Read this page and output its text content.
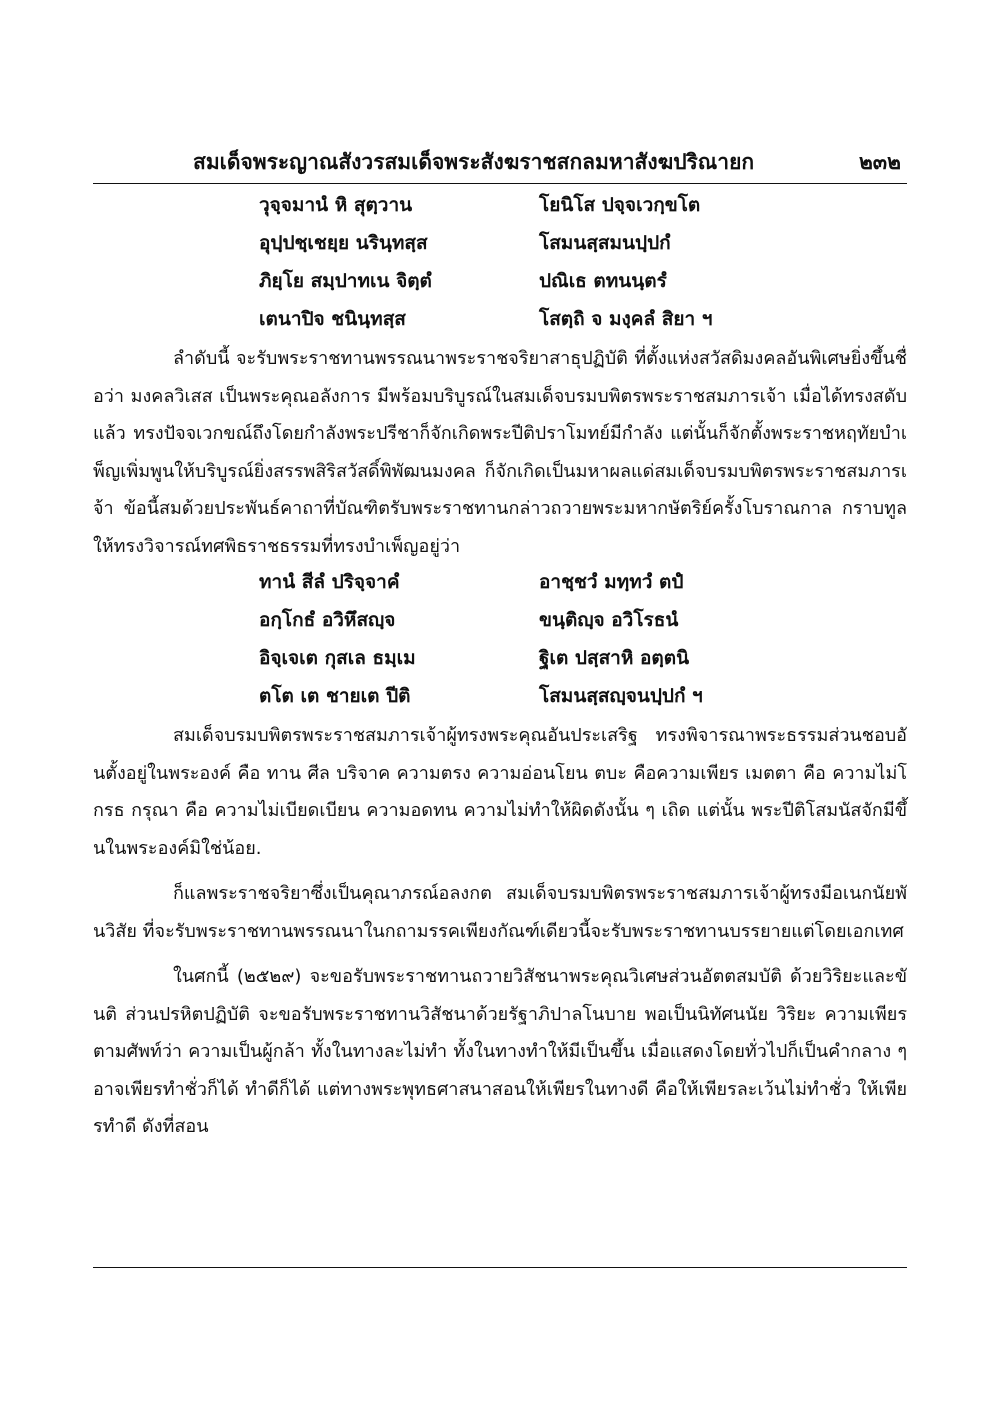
สมเด็จพระญาณสังวรสมเด็จพระสังฆราชสกลมหาสังฆปริณายก	๒๓๒
วุจฺจมานํ หิ สุตฺวาน	โยนิโส ปจฺจเวกฺขโต
อุปฺปชฺเชยฺย นรินฺทสฺส	โสมนสฺสมนปฺปกํ
ภิยฺโย สมฺปาทเน จิตฺตํ	ปณิเธ ตทนนฺตรํ
เตนาปิจ ชนินฺทสฺส	โสตฺถิ จ มงฺคลํ สิยา ฯ

ลำดับนี้ จะรับพระราชทานพรรณนาพระราชจริยาสาธุปฏิบัติ ที่ตั้งแห่งสวัสดิมงคลอันพิเศษยิ่งขึ้นชื่อว่า มงคลวิเสส เป็นพระคุณอลังการ มีพร้อมบริบูรณ์ในสมเด็จบรมบพิตรพระราชสมภารเจ้า เมื่อได้ทรงสดับแล้ว ทรงปัจจเวกขณ์ถึงโดยกำลังพระปรีชาก็จักเกิดพระปีติปราโมทย์มีกำลัง แต่นั้นก็จักตั้งพระราชหฤทัยบำเพ็ญเพิ่มพูนให้บริบูรณ์ยิ่งสรรพสิริสวัสดิ์พิพัฒนมงคล ก็จักเกิดเป็นมหาผลแด่สมเด็จบรมบพิตรพระราชสมภารเจ้า ข้อนี้สมด้วยประพันธ์คาถาที่บัณฑิตรับพระราชทานกล่าวถวายพระมหากษัตริย์ครั้งโบราณกาล กราบทูล ให้ทรงวิจารณ์ทศพิธราชธรรมที่ทรงบำเพ็ญอยู่ว่า

ทานํ สีลํ ปริจฺจาคํ	อาชฺชวํ มทฺทวํ ตปํ
อกฺโกธํ อวิหึสญฺจ	ขนฺติญฺจ อวิโรธนํ
อิจฺเจเต กุสเล ธมฺเม	ฐิเต ปสฺสาหิ อตฺตนิ
ตโต เต ชายเต ปีติ	โสมนสฺสญฺจนปฺปกํ ฯ

สมเด็จบรมบพิตรพระราชสมภารเจ้าผู้ทรงพระคุณอันประเสริฐ ทรงพิจารณาพระธรรมส่วนชอบอันตั้งอยู่ในพระองค์ คือ ทาน ศีล บริจาค ความตรง ความอ่อนโยน ตบะ คือความเพียร เมตตา คือ ความไม่โกรธ กรุณา คือ ความไม่เบียดเบียน ความอดทน ความไม่ทำให้ผิดดังนั้น ๆ เถิด แต่นั้น พระปีติโสมนัสจักมีขึ้นในพระองค์มิใช่น้อย.

ก็แลพระราชจริยาซึ่งเป็นคุณาภรณ์อลงกต สมเด็จบรมบพิตรพระราชสมภารเจ้าผู้ทรงมีอเนกนัยพันวิสัย ที่จะรับพระราชทานพรรณนาในกถามรรคเพียงกัณฑ์เดียวนี้จะรับพระราชทานบรรยายแต่โดยเอกเทศ

ในศกนี้ (๒๕๒๙) จะขอรับพระราชทานถวายวิสัชนาพระคุณวิเศษส่วนอัตตสมบัติ ด้วยวิริยะและขันติ ส่วนปรหิตปฏิบัติ จะขอรับพระราชทานวิสัชนาด้วยรัฐาภิปาลโนบาย พอเป็นนิทัศนนัย วิริยะ ความเพียร ตามศัพท์ว่า ความเป็นผู้กล้า ทั้งในทางละไม่ทำ ทั้งในทางทำให้มีเป็นขึ้น เมื่อแสดงโดยทั่วไปก็เป็นคำกลาง ๆ อาจเพียรทำชั่วก็ได้ ทำดีก็ได้ แต่ทางพระพุทธศาสนาสอนให้เพียรในทางดี คือให้เพียรละเว้นไม่ทำชั่ว ให้เพียรทำดี ดังที่สอน
